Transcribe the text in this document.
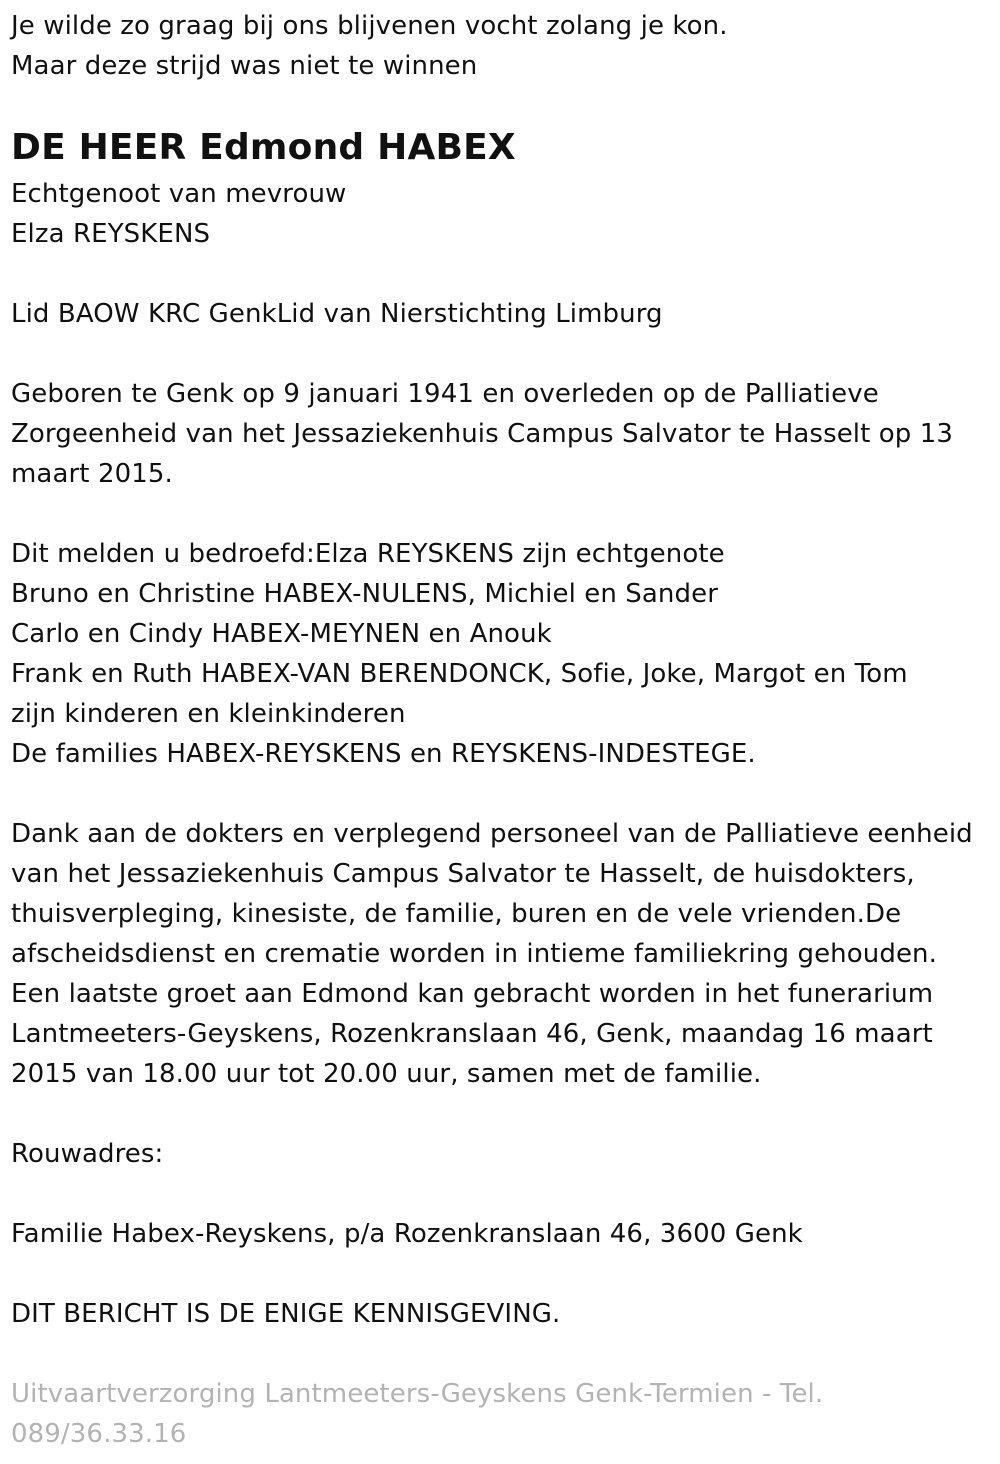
Je wilde zo graag bij ons blijvenen vocht zolang je kon.
Maar deze strijd was niet te winnen
DE HEER Edmond HABEX
Echtgenoot van mevrouw
Elza REYSKENS
Lid BAOW KRC GenkLid van Nierstichting Limburg
Geboren te Genk op 9 januari 1941 en overleden op de Palliatieve
Zorgeenheid van het Jessaziekenhuis Campus Salvator te Hasselt op 13
maart 2015.
Dit melden u bedroefd:Elza REYSKENS zijn echtgenote
Bruno en Christine HABEX-NULENS, Michiel en Sander
Carlo en Cindy HABEX-MEYNEN en Anouk
Frank en Ruth HABEX-VAN BERENDONCK, Sofie, Joke, Margot en Tom
zijn kinderen en kleinkinderen
De families HABEX-REYSKENS en REYSKENS-INDESTEGE.
Dank aan de dokters en verplegend personeel van de Palliatieve eenheid
van het Jessaziekenhuis Campus Salvator te Hasselt, de huisdokters,
thuisverpleging, kinesiste, de familie, buren en de vele vrienden.De
afscheidsdienst en crematie worden in intieme familiekring gehouden.
Een laatste groet aan Edmond kan gebracht worden in het funerarium
Lantmeeters-Geyskens, Rozenkranslaan 46, Genk, maandag 16 maart
2015 van 18.00 uur tot 20.00 uur, samen met de familie.
Rouwadres:
Familie Habex-Reyskens, p/a Rozenkranslaan 46, 3600 Genk
DIT BERICHT IS DE ENIGE KENNISGEVING.
Uitvaartverzorging Lantmeeters-Geyskens Genk-Termien - Tel.
089/36.33.16
